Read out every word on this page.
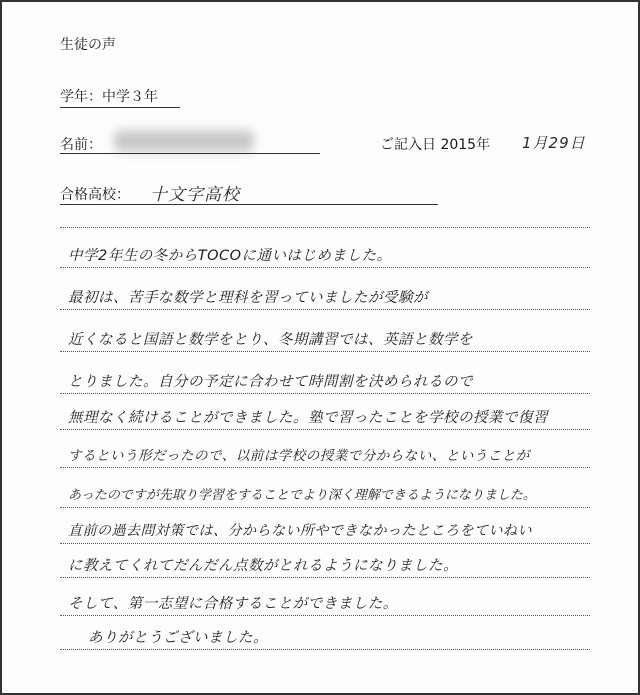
生徒の声
学年：中学３年
名前：	ご記入日 2015年 1月29日
合格高校： 十文字高校
中学2年生の冬からTOCOに通いはじめました。
最初は、苦手な数学と理科を習っていましたが受験が
近くなると国語と数学をとり、冬期講習では、英語と数学を
とりました。自分の予定に合わせて時間割を決められるので
無理なく続けることができました。塾で習ったことを学校の授業で復習
するという形だったので、以前は学校の授業で分からない、ということが
あったのですが先取り学習をすることでより深く理解できるようになりました。
直前の過去問対策では、分からない所やできなかったところをていねい
に教えてくれてだんだん点数がとれるようになりました。
そして、第一志望に合格することができました。
ありがとうございました。
